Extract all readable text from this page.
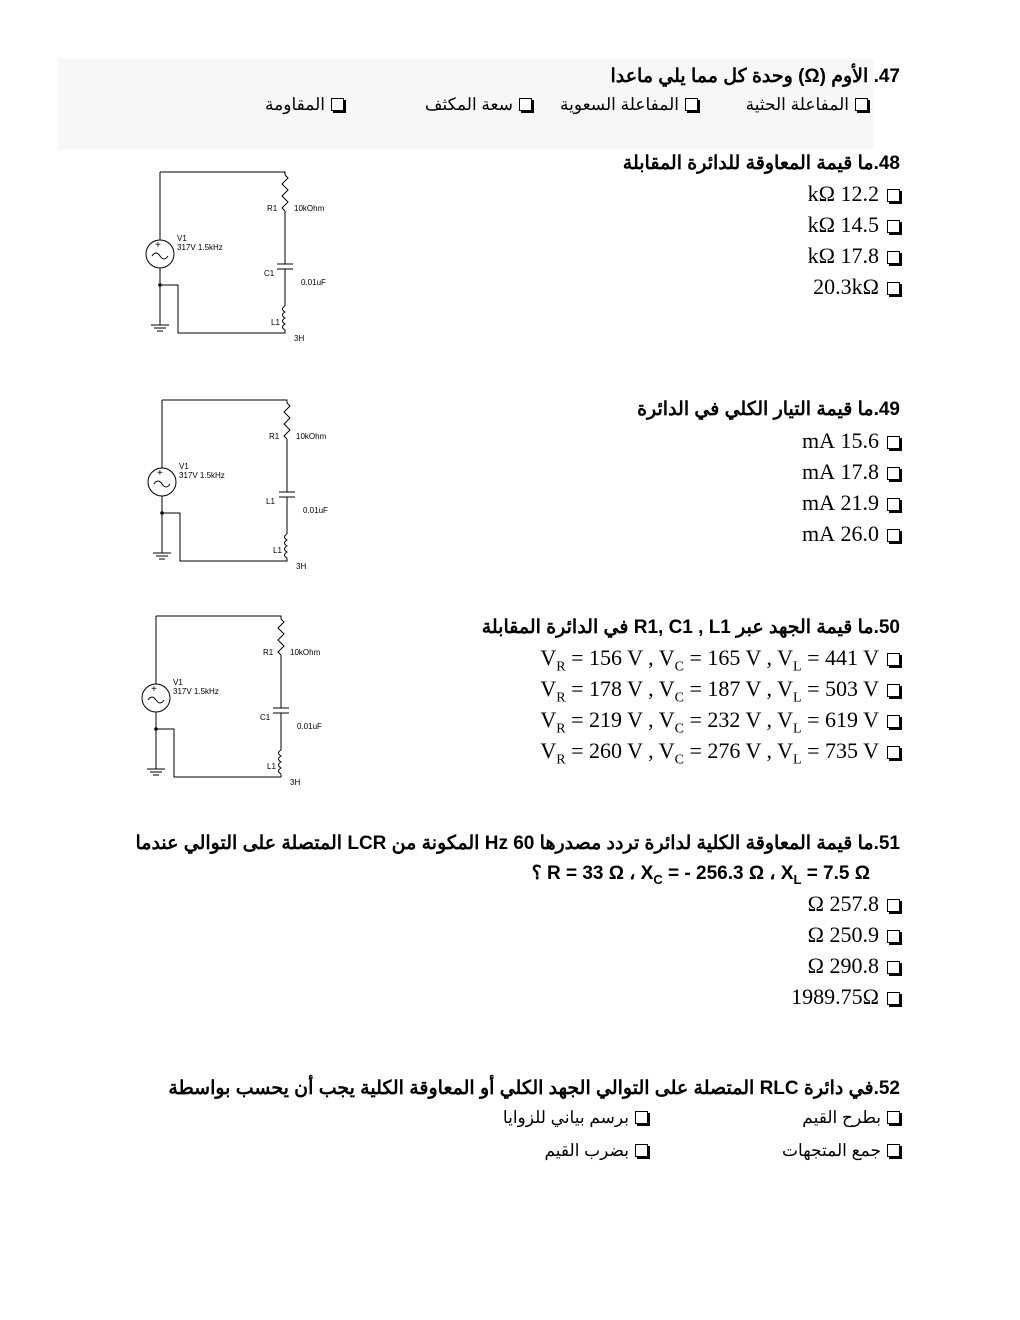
47. الأوم (Ω) وحدة كل مما يلي ماعدا
المفاعلة الحثية
المفاعلة السعوية
سعة المكثف
المقاومة
48.ما قيمة المعاوقة للدائرة المقابلة
12.2 kΩ
14.5 kΩ
17.8 kΩ
20.3kΩ
49.ما قيمة التيار الكلي في الدائرة
15.6 mA
17.8 mA
21.9 mA
26.0 mA
50.ما قيمة الجهد عبر R1, C1 , L1 في الدائرة المقابلة
$V_R = 156$ V , $V_C = 165$ V , $V_L = 441$ V
$V_R = 178$ V , $V_C = 187$ V , $V_L = 503$ V
$V_R = 219$ V , $V_C = 232$ V , $V_L = 619$ V
$V_R = 260$ V , $V_C = 276$ V , $V_L = 735$ V
51.ما قيمة المعاوقة الكلية لدائرة تردد مصدرها 60 Hz المكونة من LCR المتصلة على التوالي عندما
؟ R = 33 Ω ، $X_C$ = - 256.3 Ω ، $X_L = 7.5$ Ω
257.8 Ω
250.9 Ω
290.8 Ω
1989.75Ω
52.في دائرة RLC المتصلة على التوالي الجهد الكلي أو المعاوقة الكلية يجب أن يحسب بواسطة
بطرح القيم
برسم بياني للزوايا
جمع المتجهات
بضرب القيم
+
V1
317V 1.5kHz
R1 10kOhm
C1
0.01uF
L1
3H
+
V1
317V 1.5kHz
R1 10kOhm
L1
0.01uF
L1
3H
+
V1
317V 1.5kHz
R1 10kOhm
C1
0.01uF
L1
3H
